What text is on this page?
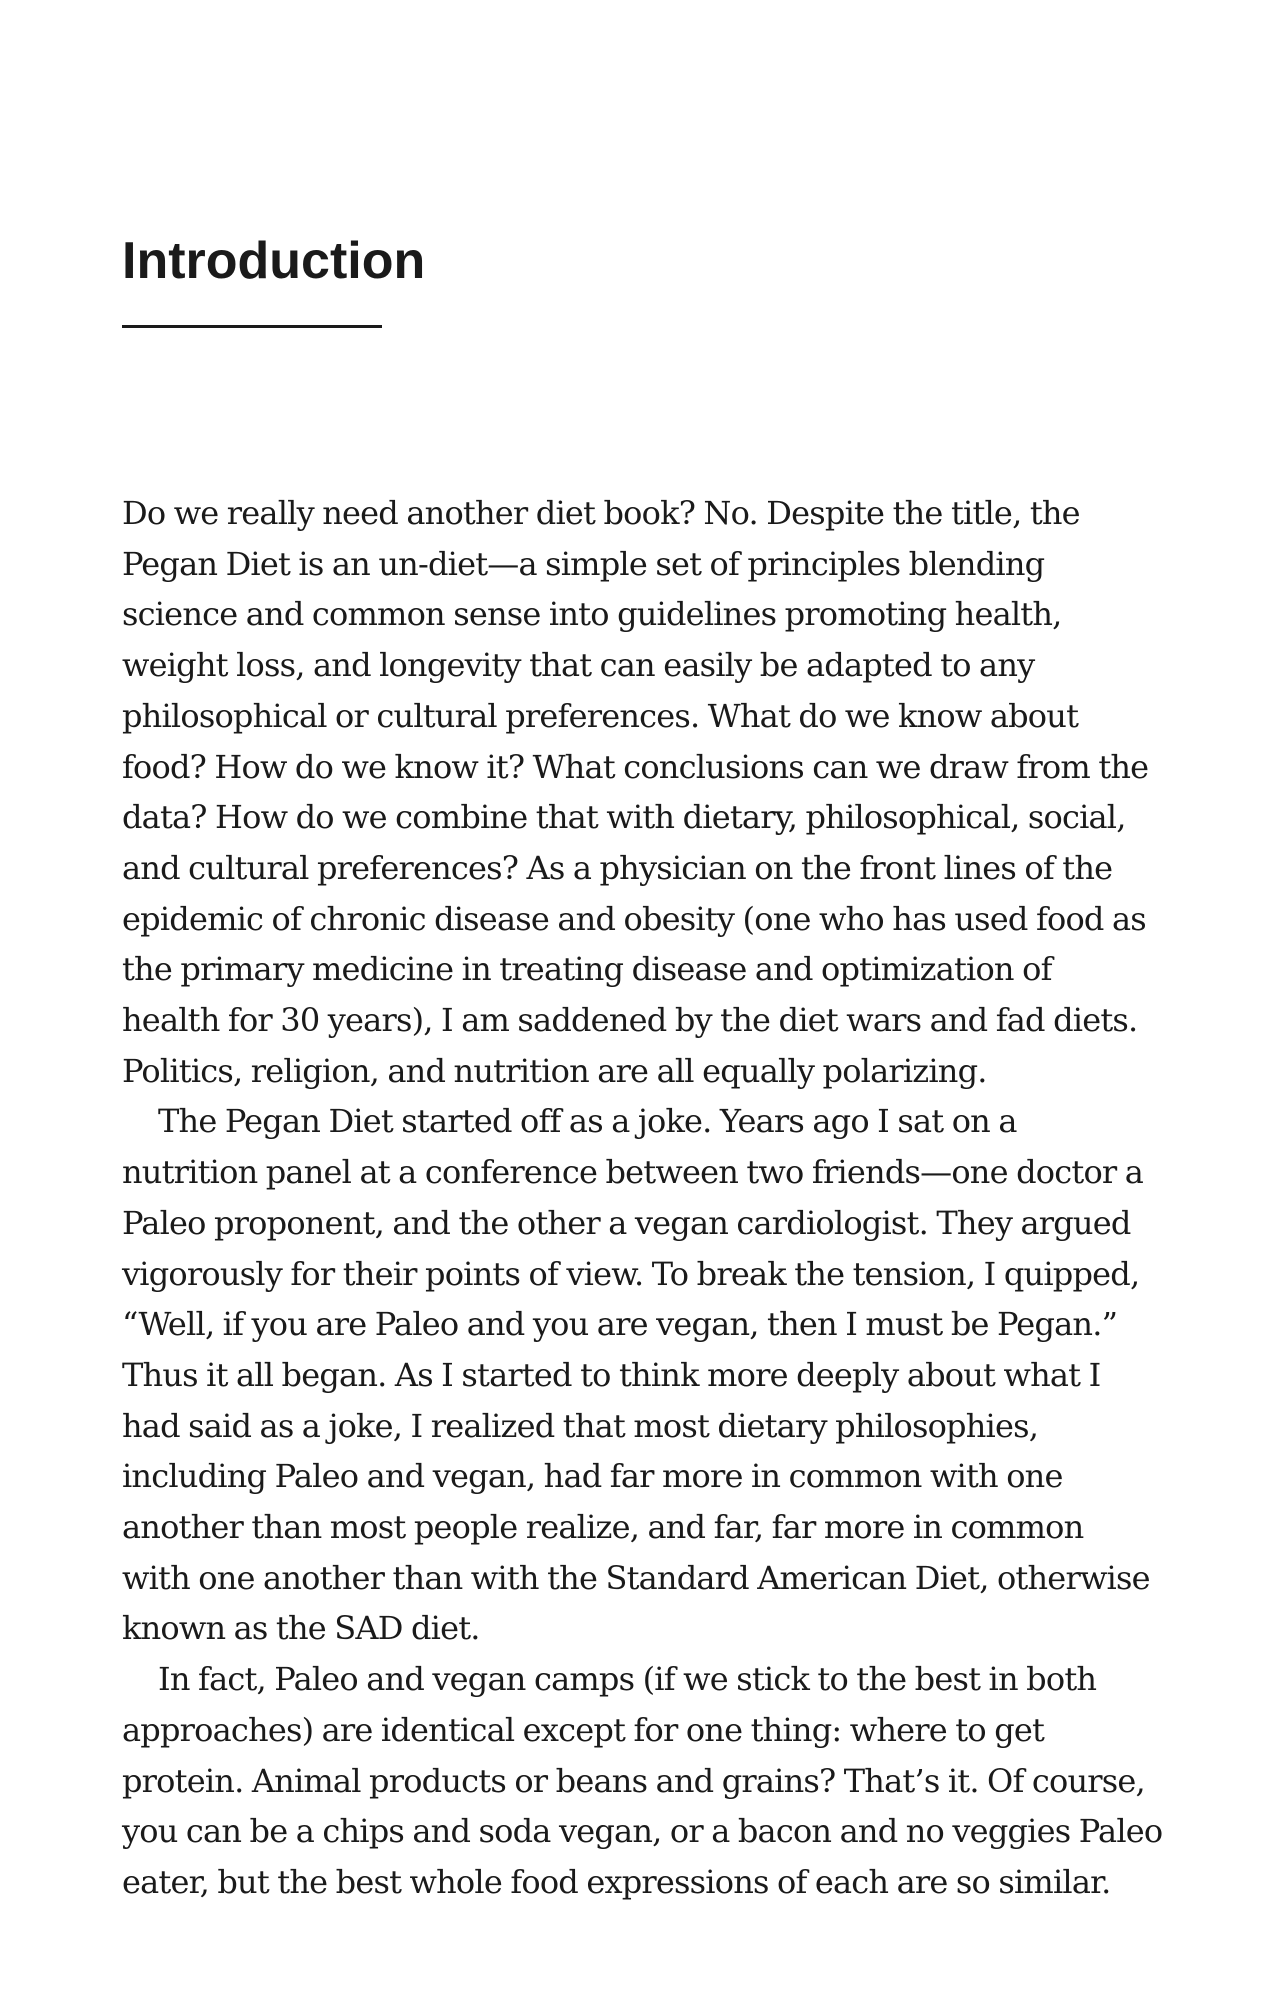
Introduction

Do we really need another diet book? No. Despite the title, the
Pegan Diet is an un-diet—a simple set of principles blending
science and common sense into guidelines promoting health,
weight loss, and longevity that can easily be adapted to any
philosophical or cultural preferences. What do we know about
food? How do we know it? What conclusions can we draw from the
data? How do we combine that with dietary, philosophical, social,
and cultural preferences? As a physician on the front lines of the
epidemic of chronic disease and obesity (one who has used food as
the primary medicine in treating disease and optimization of
health for 30 years), I am saddened by the diet wars and fad diets.
Politics, religion, and nutrition are all equally polarizing.

The Pegan Diet started off as a joke. Years ago I sat on a
nutrition panel at a conference between two friends—one doctor a
Paleo proponent, and the other a vegan cardiologist. They argued
vigorously for their points of view. To break the tension, I quipped,
“Well, if you are Paleo and you are vegan, then I must be Pegan.”
Thus it all began. As I started to think more deeply about what I
had said as a joke, I realized that most dietary philosophies,
including Paleo and vegan, had far more in common with one
another than most people realize, and far, far more in common
with one another than with the Standard American Diet, otherwise
known as the SAD diet.

In fact, Paleo and vegan camps (if we stick to the best in both
approaches) are identical except for one thing: where to get
protein. Animal products or beans and grains? That’s it. Of course,
you can be a chips and soda vegan, or a bacon and no veggies Paleo
eater, but the best whole food expressions of each are so similar.
